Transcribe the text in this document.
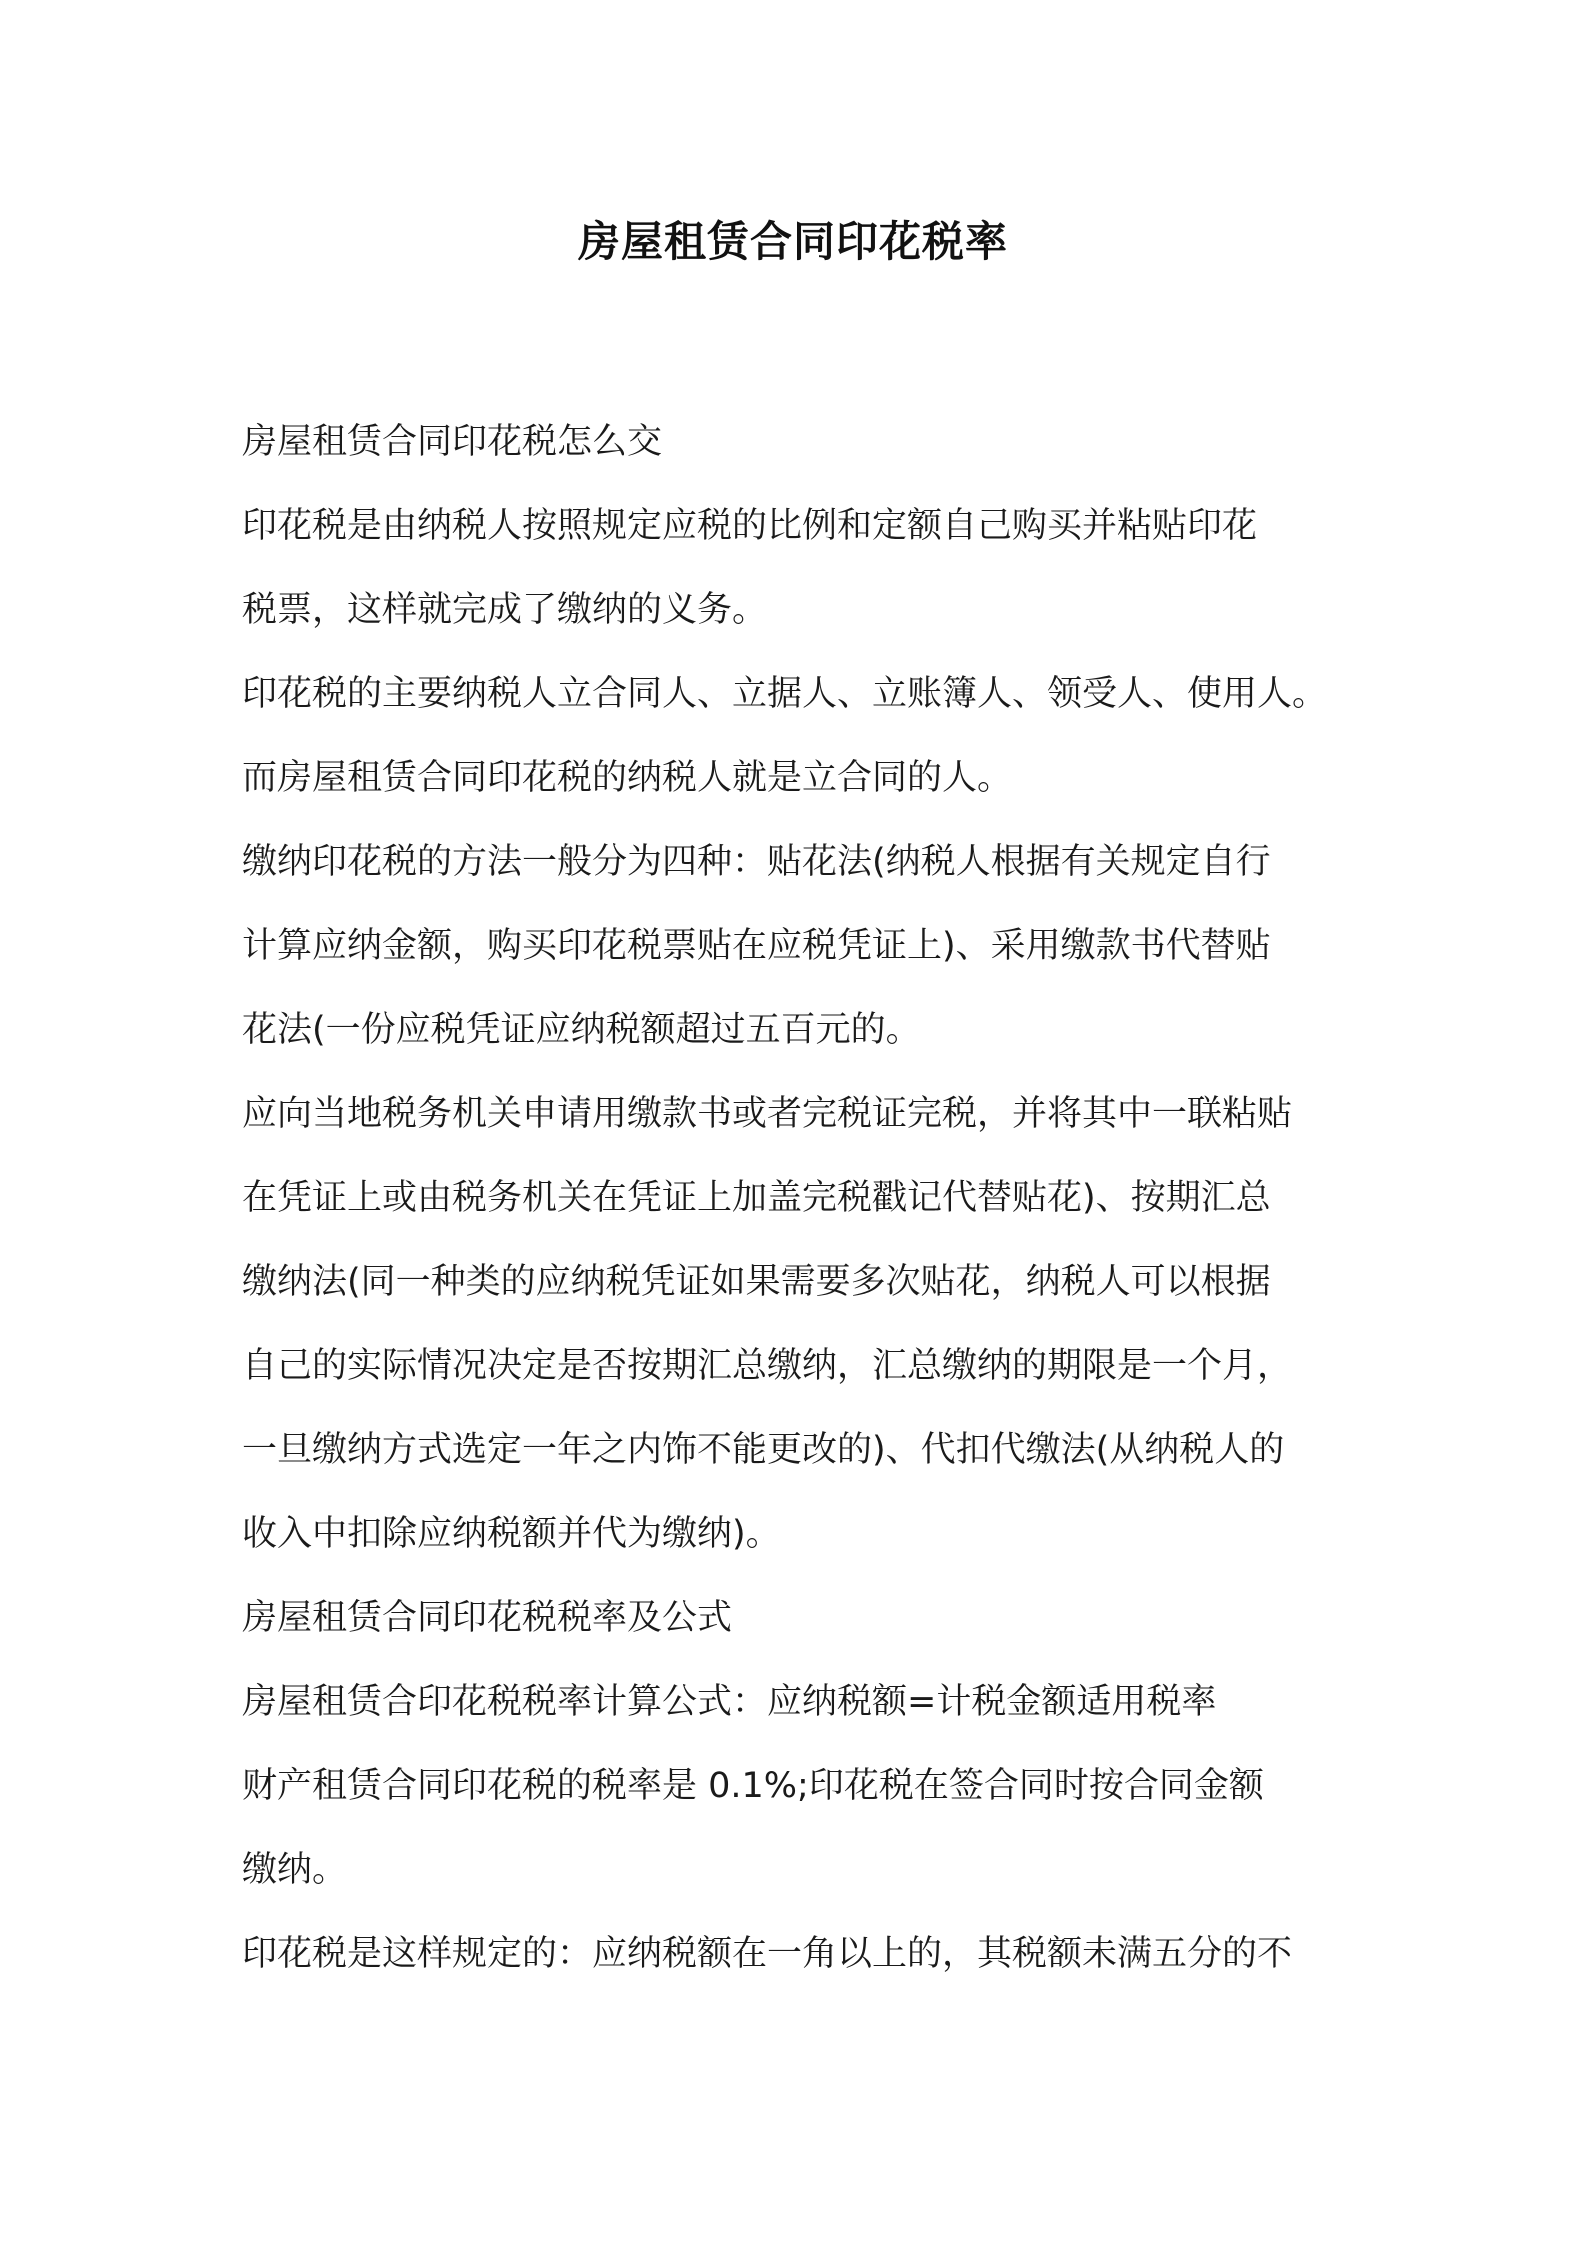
房屋租赁合同印花税率
房屋租赁合同印花税怎么交
印花税是由纳税人按照规定应税的比例和定额自己购买并粘贴印花
税票，这样就完成了缴纳的义务。
印花税的主要纳税人立合同人、立据人、立账簿人、领受人、使用人。
而房屋租赁合同印花税的纳税人就是立合同的人。
缴纳印花税的方法一般分为四种：贴花法(纳税人根据有关规定自行
计算应纳金额，购买印花税票贴在应税凭证上)、采用缴款书代替贴
花法(一份应税凭证应纳税额超过五百元的。
应向当地税务机关申请用缴款书或者完税证完税，并将其中一联粘贴
在凭证上或由税务机关在凭证上加盖完税戳记代替贴花)、按期汇总
缴纳法(同一种类的应纳税凭证如果需要多次贴花，纳税人可以根据
自己的实际情况决定是否按期汇总缴纳，汇总缴纳的期限是一个月，
一旦缴纳方式选定一年之内饰不能更改的)、代扣代缴法(从纳税人的
收入中扣除应纳税额并代为缴纳)。
房屋租赁合同印花税税率及公式
房屋租赁合印花税税率计算公式：应纳税额=计税金额适用税率
财产租赁合同印花税的税率是 0.1%;印花税在签合同时按合同金额
缴纳。
印花税是这样规定的：应纳税额在一角以上的，其税额未满五分的不
